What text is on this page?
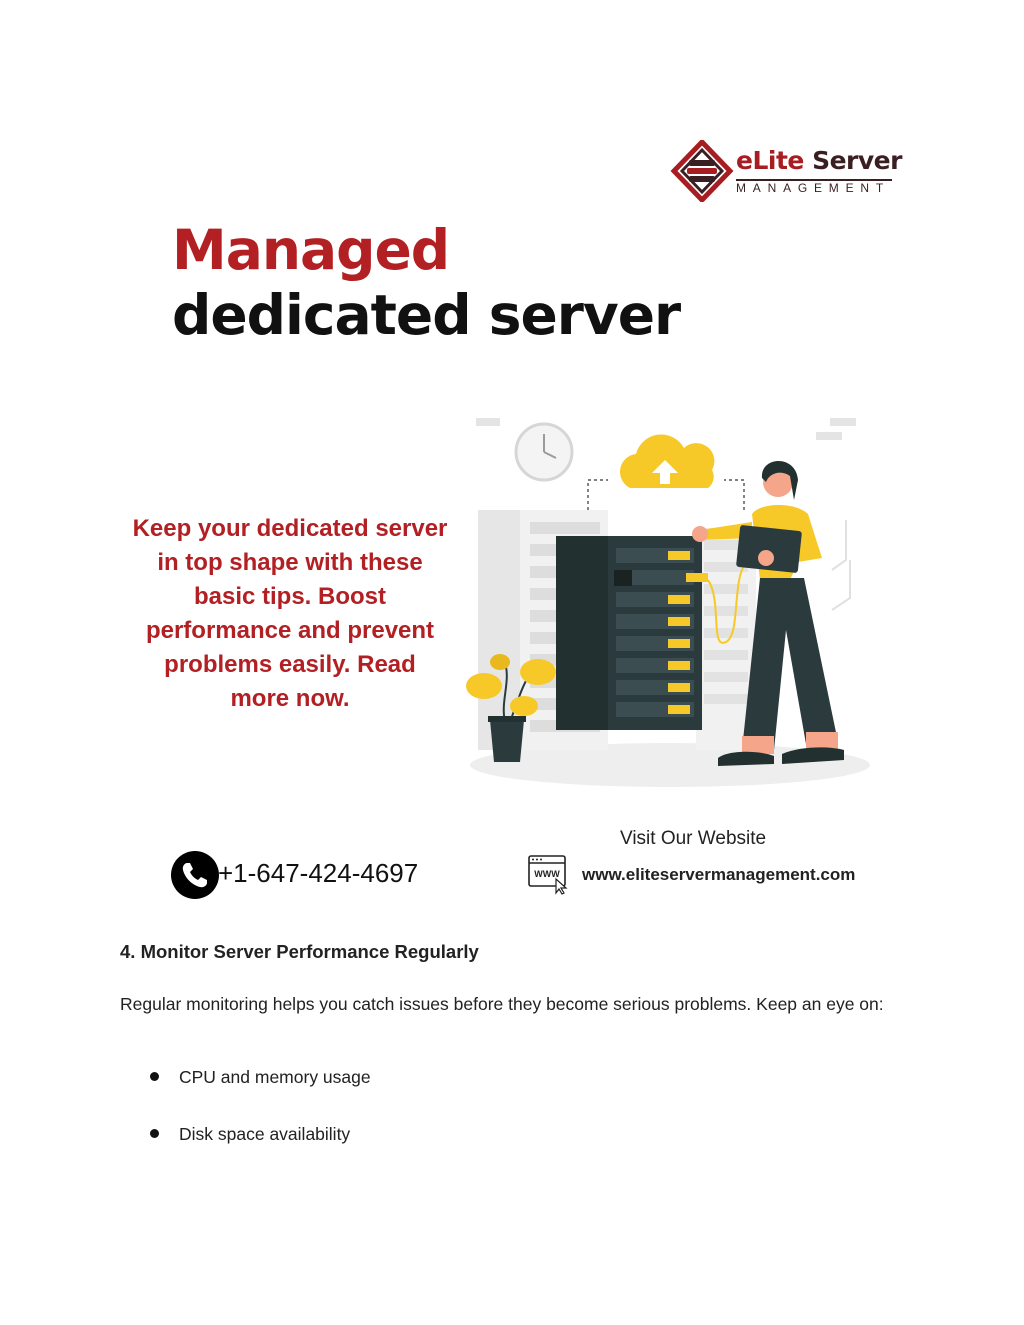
eLite Server
MANAGEMENT
Managed
dedicated server
Keep your dedicated server in top shape with these basic tips. Boost performance and prevent problems easily. Read more now.
+1-647-424-4697
Visit Our Website
WWW www.eliteservermanagement.com
4. Monitor Server Performance Regularly
Regular monitoring helps you catch issues before they become serious problems. Keep an eye on:
CPU and memory usage
Disk space availability
